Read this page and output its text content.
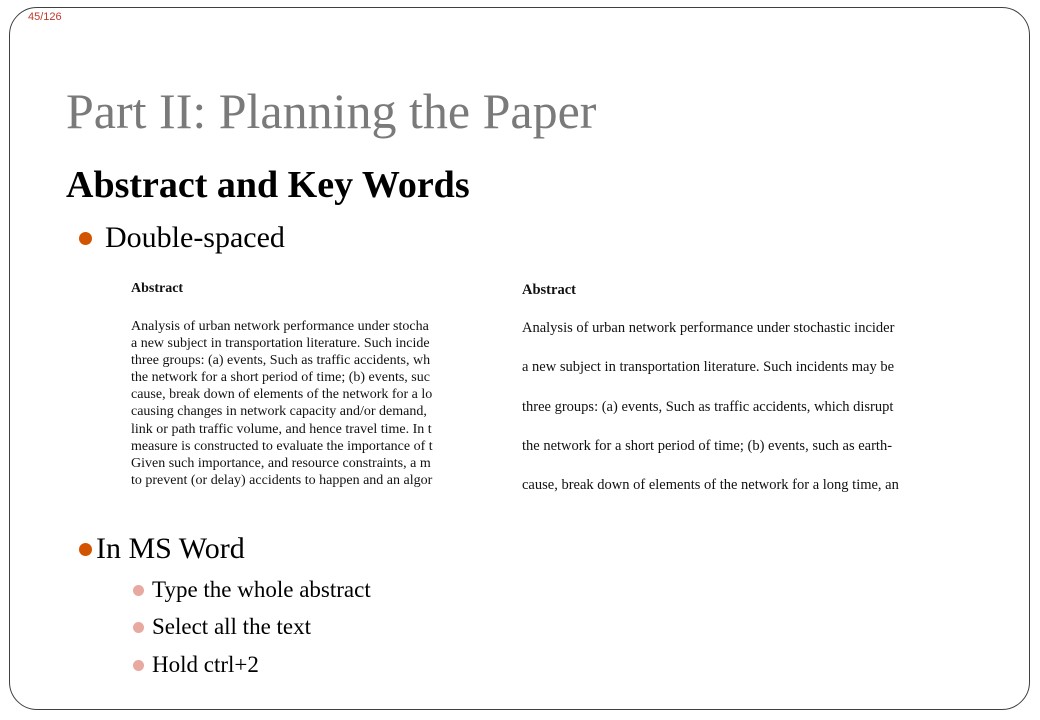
45/126
Part II: Planning the Paper
Abstract and Key Words
Double-spaced
Abstract
Analysis of urban network performance under stocha
a new subject in transportation literature. Such incide
three groups: (a) events, Such as traffic accidents, wh
the network for a short period of time; (b) events, suc
cause, break down of elements of the network for a lo
causing changes in network capacity and/or demand,
link or path traffic volume, and hence travel time. In t
measure is constructed to evaluate the importance of t
Given such importance, and resource constraints, a m
to prevent (or delay) accidents to happen and an algor
Abstract
Analysis of urban network performance under stochastic incider
a new subject in transportation literature. Such incidents may be
three groups: (a) events, Such as traffic accidents, which disrupt
the network for a short period of time; (b) events, such as earth-
cause, break down of elements of the network for a long time, an
In MS Word
Type the whole abstract
Select all the text
Hold ctrl+2
